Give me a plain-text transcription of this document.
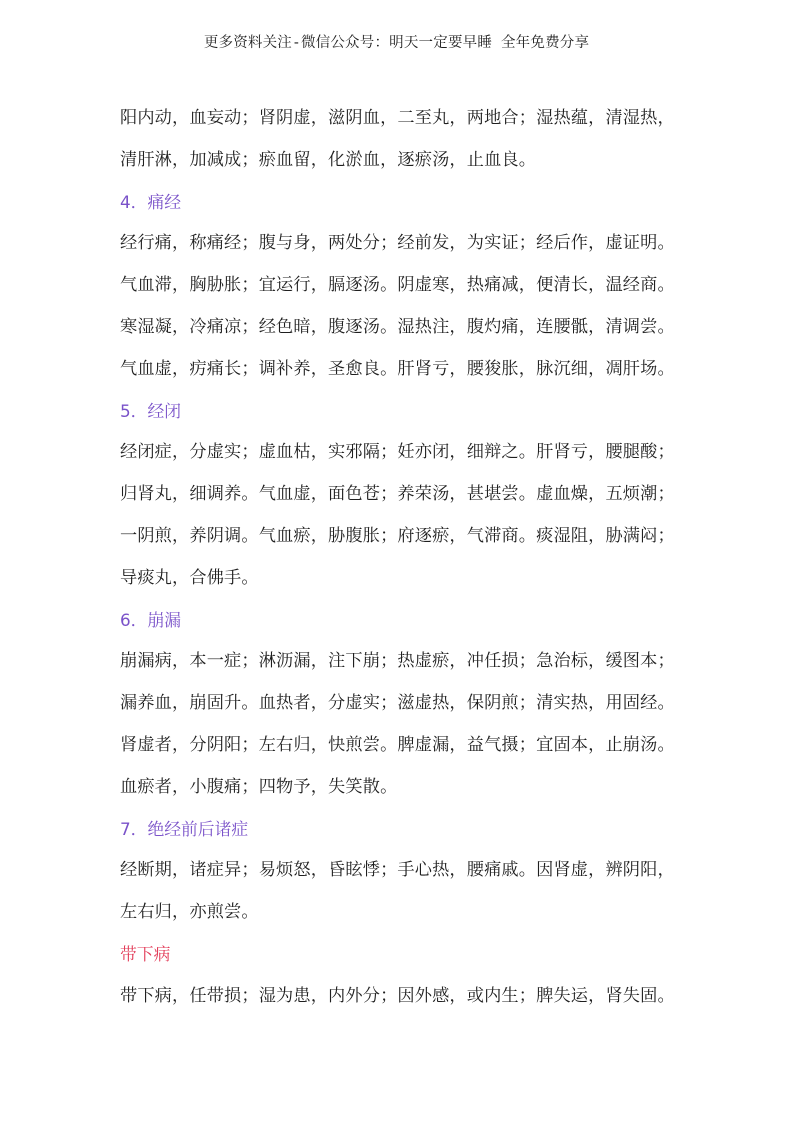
更多资料关注-微信公众号：明天一定要早睡 全年免费分享
阳内动，血妄动；肾阴虚，滋阴血，二至丸，两地合；湿热蕴，清湿热，
清肝淋，加减成；瘀血留，化淤血，逐瘀汤，止血良。
4．痛经
经行痛，称痛经；腹与身，两处分；经前发，为实证；经后作，虚证明。
气血滞，胸胁胀；宜运行，膈逐汤。阴虚寒，热痛减，便清长，温经商。
寒湿凝，冷痛凉；经色暗，腹逐汤。湿热注，腹灼痛，连腰骶，清调尝。
气血虚，疠痛长；调补养，圣愈良。肝肾亏，腰狻胀，脉沉细，凋肝场。
5．经闭
经闭症，分虚实；虚血枯，实邪隔；妊亦闭，细辩之。肝肾亏，腰腿酸；
归肾丸，细调养。气血虚，面色苍；养荣汤，甚堪尝。虚血燥，五烦潮；
一阴煎，养阴调。气血瘀，胁腹胀；府逐瘀，气滞商。痰湿阻，胁满闷；
导痰丸，合佛手。
6．崩漏
崩漏病，本一症；淋沥漏，注下崩；热虚瘀，冲任损；急治标，缓图本；
漏养血，崩固升。血热者，分虚实；滋虚热，保阴煎；清实热，用固经。
肾虚者，分阴阳；左右归，快煎尝。脾虚漏，益气摄；宜固本，止崩汤。
血瘀者，小腹痛；四物予，失笑散。
7．绝经前后诸症
经断期，诸症异；易烦怒，昏眩悸；手心热，腰痛戚。因肾虚，辨阴阳，
左右归，亦煎尝。
带下病
带下病，任带损；湿为患，内外分；因外感，或内生；脾失运，肾失固。
